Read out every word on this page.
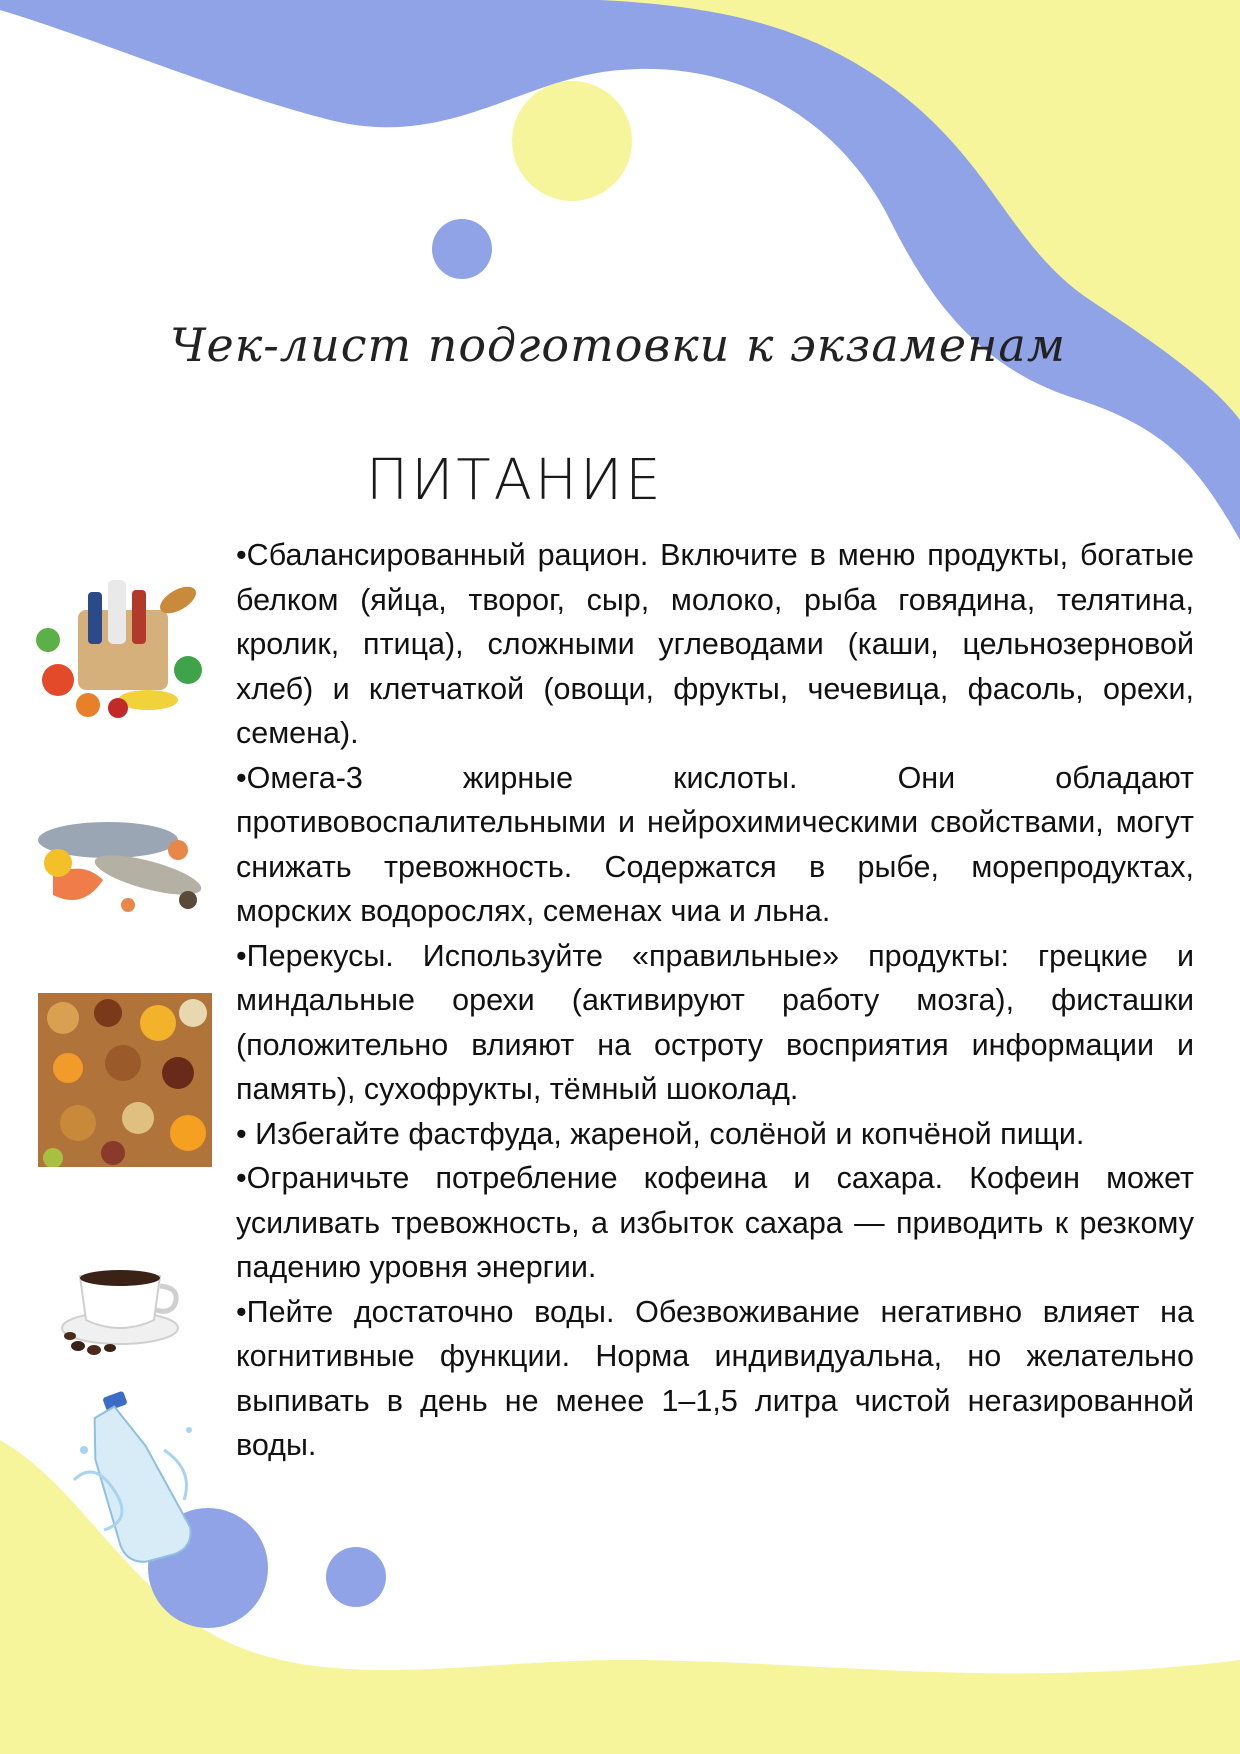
Чек-лист подготовки к экзаменам
ПИТАНИЕ

•Сбалансированный рацион. Включите в меню продукты, богатые белком (яйца, творог, сыр, молоко, рыба говядина, телятина, кролик, птица), сложными углеводами (каши, цельнозерновой хлеб) и клетчаткой (овощи, фрукты, чечевица, фасоль, орехи, семена).

•Омега-3 жирные кислоты. Они обладают противовоспалительными и нейрохимическими свойствами, могут снижать тревожность. Содержатся в рыбе, морепродуктах, морских водорослях, семенах чиа и льна.

•Перекусы. Используйте «правильные» продукты: грецкие и миндальные орехи (активируют работу мозга), фисташки (положительно влияют на остроту восприятия информации и память), сухофрукты, тёмный шоколад.

• Избегайте фастфуда, жареной, солёной и копчёной пищи.

•Ограничьте потребление кофеина и сахара. Кофеин может усиливать тревожность, а избыток сахара — приводить к резкому падению уровня энергии.

•Пейте достаточно воды. Обезвоживание негативно влияет на когнитивные функции. Норма индивидуальна, но желательно выпивать в день не менее 1–1,5 литра чистой негазированной воды.
